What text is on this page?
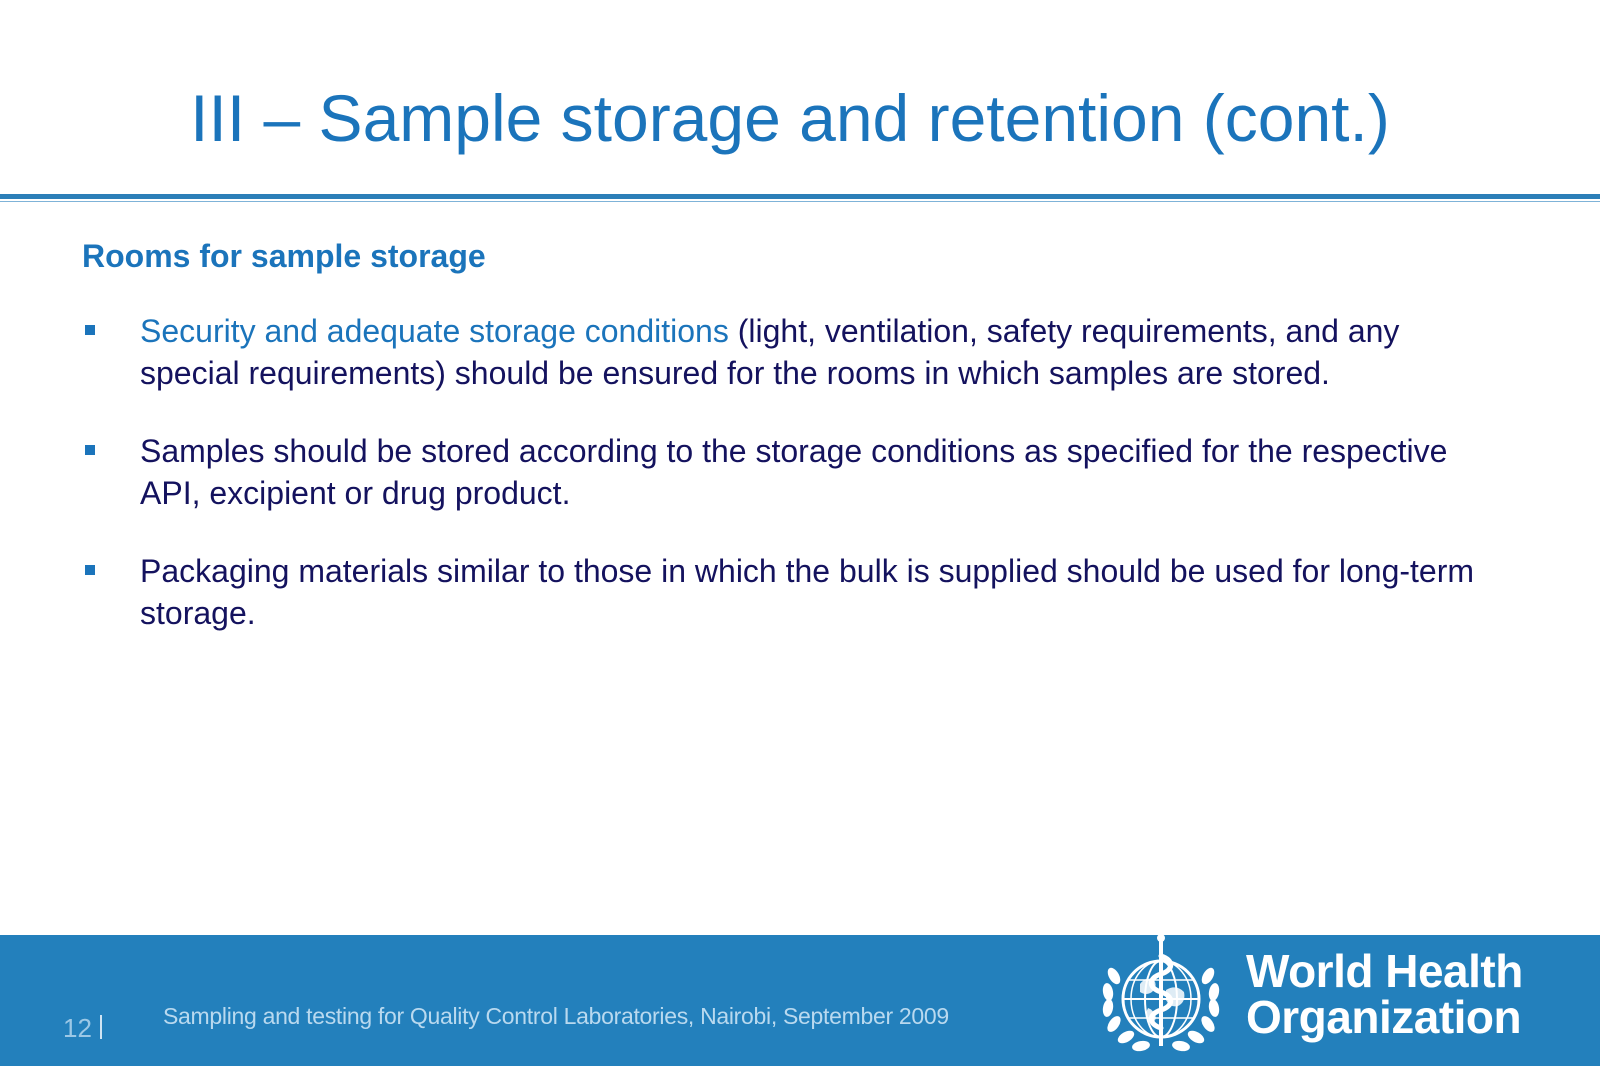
III – Sample storage and retention (cont.)
Rooms for sample storage
Security and adequate storage conditions (light, ventilation, safety requirements, and any special requirements) should be ensured for the rooms in which samples are stored.
Samples should be stored according to the storage conditions as specified for the respective API, excipient or drug product.
Packaging materials similar to those in which the bulk is supplied should be used for long-term storage.
12	Sampling and testing for Quality Control Laboratories, Nairobi, September 2009
World Health
Organization
